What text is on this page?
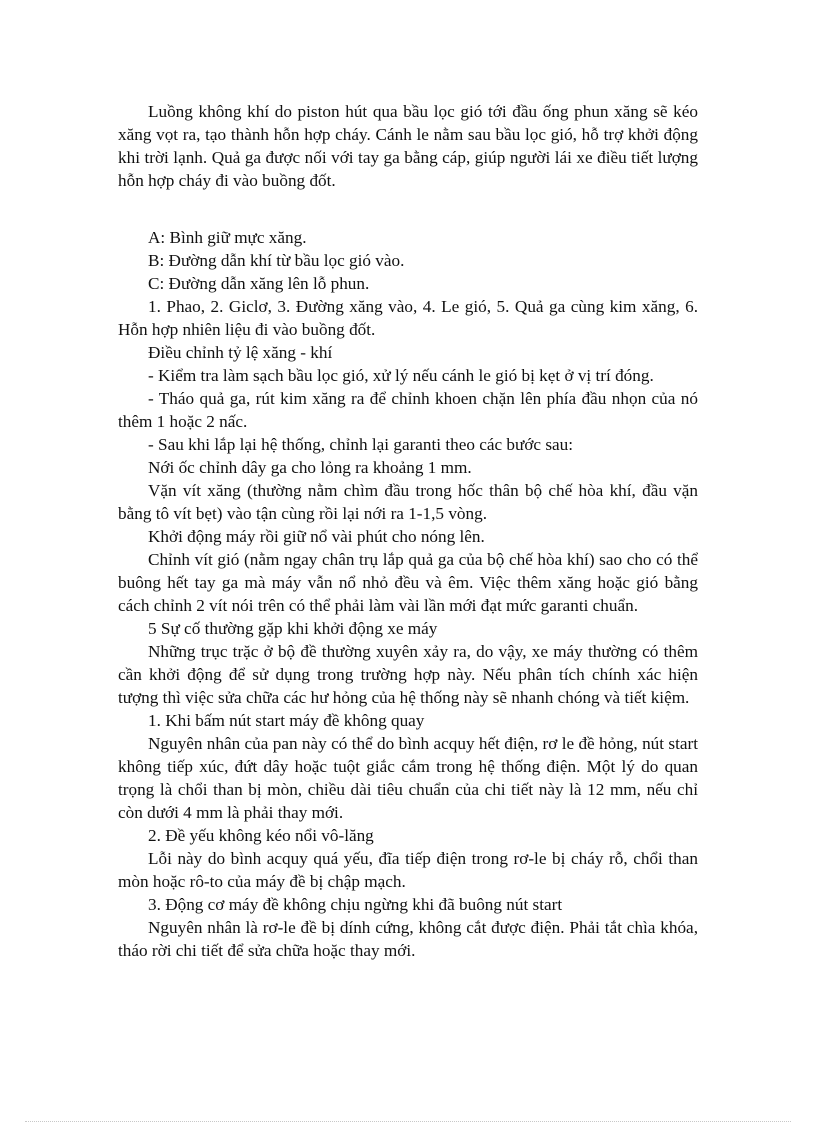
Luồng không khí do piston hút qua bầu lọc gió tới đầu ống phun xăng sẽ kéo xăng vọt ra, tạo thành hỗn hợp cháy. Cánh le nằm sau bầu lọc gió, hỗ trợ khởi động khi trời lạnh. Quả ga được nối với tay ga bằng cáp, giúp người lái xe điều tiết lượng hỗn hợp cháy đi vào buồng đốt.

A: Bình giữ mực xăng.

B: Đường dẫn khí từ bầu lọc gió vào.

C: Đường dẫn xăng lên lỗ phun.

1. Phao, 2. Giclơ, 3. Đường xăng vào, 4. Le gió, 5. Quả ga cùng kim xăng, 6. Hỗn hợp nhiên liệu đi vào buồng đốt.

Điều chỉnh tỷ lệ xăng - khí

- Kiểm tra làm sạch bầu lọc gió, xử lý nếu cánh le gió bị kẹt ở vị trí đóng.

- Tháo quả ga, rút kim xăng ra để chỉnh khoen chặn lên phía đầu nhọn của nó thêm 1 hoặc 2 nấc.

- Sau khi lắp lại hệ thống, chỉnh lại garanti theo các bước sau:

Nới ốc chỉnh dây ga cho lỏng ra khoảng 1 mm.

Vặn vít xăng (thường nằm chìm đầu trong hốc thân bộ chế hòa khí, đầu vặn bằng tô vít bẹt) vào tận cùng rồi lại nới ra 1-1,5 vòng.

Khởi động máy rồi giữ nổ vài phút cho nóng lên.

Chỉnh vít gió (nằm ngay chân trụ lắp quả ga của bộ chế hòa khí) sao cho có thể buông hết tay ga mà máy vẫn nổ nhỏ đều và êm. Việc thêm xăng hoặc gió bằng cách chỉnh 2 vít nói trên có thể phải làm vài lần mới đạt mức garanti chuẩn.

5 Sự cố thường gặp khi khởi động xe máy

Những trục trặc ở bộ đề thường xuyên xảy ra, do vậy, xe máy thường có thêm cần khởi động để sử dụng trong trường hợp này. Nếu phân tích chính xác hiện tượng thì việc sửa chữa các hư hỏng của hệ thống này sẽ nhanh chóng và tiết kiệm.

1. Khi bấm nút start máy đề không quay

Nguyên nhân của pan này có thể do bình acquy hết điện, rơ le đề hỏng, nút start không tiếp xúc, đứt dây hoặc tuột giắc cắm trong hệ thống điện. Một lý do quan trọng là chổi than bị mòn, chiều dài tiêu chuẩn của chi tiết này là 12 mm, nếu chỉ còn dưới 4 mm là phải thay mới.

2. Đề yếu không kéo nổi vô-lăng

Lỗi này do bình acquy quá yếu, đĩa tiếp điện trong rơ-le bị cháy rỗ, chổi than mòn hoặc rô-to của máy đề bị chập mạch.

3. Động cơ máy đề không chịu ngừng khi đã buông nút start

Nguyên nhân là rơ-le đề bị dính cứng, không cắt được điện. Phải tắt chìa khóa, tháo rời chi tiết để sửa chữa hoặc thay mới.
